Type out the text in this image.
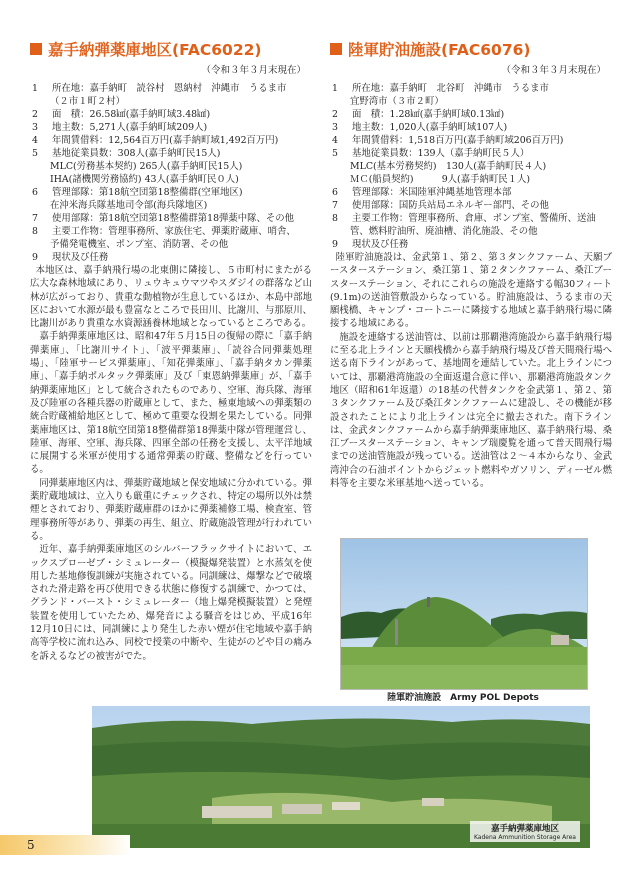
嘉手納弾薬庫地区(FAC6022)
（令和３年３月末現在）
1	所在地：嘉手納町　読谷村　恩納村　沖縄市　うるま市
（２市１町２村）
2	面　積：26.58㎢(嘉手納町域3.48㎢)
3	地主数：5,271人(嘉手納町域209人)
4	年間賃借料：12,564百万円(嘉手納町域1,492百万円)
5	基地従業員数：308人(嘉手納町民15人)
MLC(労務基本契約) 265人(嘉手納町民15人)
IHA(諸機関労務協約) 43人(嘉手納町民０人)
6	管理部隊：第18航空団第18整備群(空軍地区)
在沖米海兵隊基地司令部(海兵隊地区)
7	使用部隊：第18航空団第18整備群第18弾薬中隊、その他
8	主要工作物：管理事務所、家族住宅、弾薬貯蔵庫、哨舎、
予備発電機室、ポンプ室、消防署、その他
9	現状及び任務

本地区は、嘉手納飛行場の北東側に隣接し、５市町村にまたがる広大な森林地域にあり、リュウキュウマツやスダジイの群落など山林が広がっており、貴重な動植物が生息しているほか、本島中部地区において水源が最も豊富なところで長田川、比謝川、与那原川、比謝川があり貴重な水資源涵養林地域となっているところである。

嘉手納弾薬庫地区は、昭和47年５月15日の復帰の際に「嘉手納弾薬庫」、「比謝川サイト」、「波平弾薬庫」、「読谷合同弾薬処理場」、「陸軍サービス弾薬庫」、「知花弾薬庫」、「嘉手納タカン弾薬庫」、「嘉手納ボルタック弾薬庫」及び「東恩納弾薬庫」が、「嘉手納弾薬庫地区」として統合されたものであり、空軍、海兵隊、海軍及び陸軍の各種兵器の貯蔵庫として、また、極東地域への弾薬類の統合貯蔵補給地区として、極めて重要な役割を果たしている。同弾薬庫地区は、第18航空団第18整備群第18弾薬中隊が管理運営し、陸軍、海軍、空軍、海兵隊、四軍全部の任務を支援し、太平洋地域に展開する米軍が使用する通常弾薬の貯蔵、整備などを行っている。

同弾薬庫地区内は、弾薬貯蔵地域と保安地域に分かれている。弾薬貯蔵地域は、立入りも厳重にチェックされ、特定の場所以外は禁煙とされており、弾薬貯蔵庫群のほかに弾薬補修工場、検査室、管理事務所等があり、弾薬の再生、組立、貯蔵施設管理が行われている。

近年、嘉手納弾薬庫地区のシルバーフラックサイトにおいて、エックスプローゼブ・シミュレーター（模擬爆発装置）と水蒸気を使用した基地修復訓練が実施されている。同訓練は、爆撃などで破壊された滑走路を再び使用できる状態に修復する訓練で、かつては、グランド・バースト・シミュレーター（地上爆発模擬装置）と発煙装置を使用していたため、爆発音による騒音をはじめ、平成16年12月10日には、同訓練により発生した赤い煙が住宅地域や嘉手納高等学校に流れ込み、同校で授業の中断や、生徒がのどや目の痛みを訴えるなどの被害がでた。

陸軍貯油施設(FAC6076)
（令和３年３月末現在）
1	所在地：嘉手納町　北谷町　沖縄市　うるま市
宜野湾市（３市２町）
2	面　積：1.28㎢(嘉手納町域0.13㎢)
3	地主数：1,020人(嘉手納町域107人)
4	年間賃借料：1,518百万円(嘉手納町域206百万円)
5	基地従業員数：139人（嘉手納町民５人）
MLC(基本労務契約)　130人(嘉手納町民４人)
ＭＣ(船員契約)　　　9人(嘉手納町民１人)
6	管理部隊：米国陸軍沖縄基地管理本部
7	使用部隊：国防兵站局エネルギー部門、その他
8	主要工作物：管理事務所、倉庫、ポンプ室、警備所、送油
管、燃料貯油所、廃油槽、消化施設、その他
9	現状及び任務

陸軍貯油施設は、金武第１、第２、第３タンクファーム、天願ブースターステーション、桑江第１、第２タンクファーム、桑江ブースターステーション、それにこれらの施設を連絡する幅30フィート(9.1m)の送油管敷設からなっている。貯油施設は、うるま市の天願桟橋、キャンプ・コートニーに隣接する地域と嘉手納飛行場に隣接する地域にある。

施設を連絡する送油管は、以前は那覇港湾施設から嘉手納飛行場に至る北上ラインと天願桟橋から嘉手納飛行場及び普天間飛行場へ送る南下ラインがあって、基地間を連結していた。北上ラインについては、那覇港湾施設の全面返還合意に伴い、那覇港湾施設タンク地区（昭和61年返還）の18基の代替タンクを金武第１、第２、第３タンクファーム及び桑江タンクファームに建設し、その機能が移設されたことにより北上ラインは完全に撤去された。南下ラインは、金武タンクファームから嘉手納弾薬庫地区、嘉手納飛行場、桑江ブースターステーション、キャンプ瑞慶覧を通って普天間飛行場までの送油管施設が残っている。送油管は２～４本からなり、金武湾沖合の石油ポイントからジェット燃料やガソリン、ディーゼル燃料等を主要な米軍基地へ送っている。

陸軍貯油施設　Army POL Depots
嘉手納弾薬庫地区
Kadena Ammunition Storage Area
5
